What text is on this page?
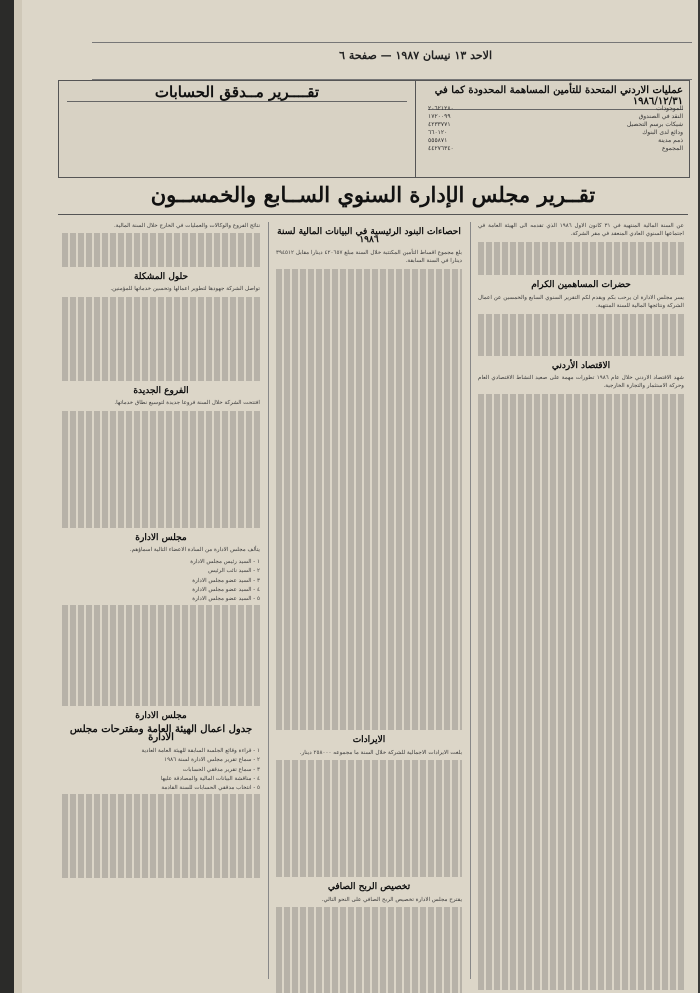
الاحد ١٣ نيسان ١٩٨٧ — صفحة ٦
عمليات الاردني المتحدة للتأمين المساهمة المحدودة كما في ١٩٨٦/١٢/٣١
تقــــرير مــدقق الحسابات
الموجودات
٢٠٦٢١٢٨٠
النقد في الصندوق
١٧٢٠٠٩٩
شيكات برسم التحصيل
٤٢٣٣٧٧١
ودائع لدى البنوك
٦٦٠١٢٠
ذمم مدينة
٥٥٥٨٧١
المجموع
٤٤٢٧٦٣٤٠
تقــرير مجلس الإدارة السنوي الســابع والخمســون

عن السنة المالية المنتهية في ٣١ كانون الاول ١٩٨٦ الذي تقدمه الى الهيئة العامة في اجتماعها السنوي العادي المنعقد في مقر الشركة.

حضرات المساهمين الكرام

يسر مجلس الادارة ان يرحب بكم ويقدم لكم التقرير السنوي السابع والخمسين عن اعمال الشركة ونتائجها المالية للسنة المنتهية.

الاقتصاد الأردني

شهد الاقتصاد الاردني خلال عام ١٩٨٦ تطورات مهمة على صعيد النشاط الاقتصادي العام وحركة الاستثمار والتجارة الخارجية.

احصاءات البنود الرئيسية في البيانات المالية لسنة ١٩٨٦

بلغ مجموع اقساط التأمين المكتتبة خلال السنة مبلغ ٤٢٠٦٥٧ دينارا مقابل ٣٩٤٥١٢ دينارا في السنة السابقة.

الايرادات

بلغت الايرادات الاجمالية للشركة خلال السنة ما مجموعه ٢٥٨٠٠٠ دينار.

تخصيص الربح الصافي

يقترح مجلس الادارة تخصيص الربح الصافي على النحو التالي.

نتائج الفروع والوكالات والعمليات في الخارج خلال السنة المالية.

حلول المشكلة

تواصل الشركة جهودها لتطوير اعمالها وتحسين خدماتها للمؤمنين.

الفروع الجديدة

افتتحت الشركة خلال السنة فروعا جديدة لتوسيع نطاق خدماتها.

مجلس الادارة

يتألف مجلس الادارة من السادة الاعضاء التالية اسماؤهم.

١ - السيد رئيس مجلس الادارة
٢ - السيد نائب الرئيس
٣ - السيد عضو مجلس الادارة
٤ - السيد عضو مجلس الادارة
٥ - السيد عضو مجلس الادارة
مجلس الادارة
جدول اعمال الهيئة العامة ومقترحات مجلس الادارة
١ - قراءة وقائع الجلسة السابقة للهيئة العامة العادية
٢ - سماع تقرير مجلس الادارة لسنة ١٩٨٦
٣ - سماع تقرير مدققي الحسابات
٤ - مناقشة البيانات المالية والمصادقة عليها
٥ - انتخاب مدققي الحسابات للسنة القادمة
